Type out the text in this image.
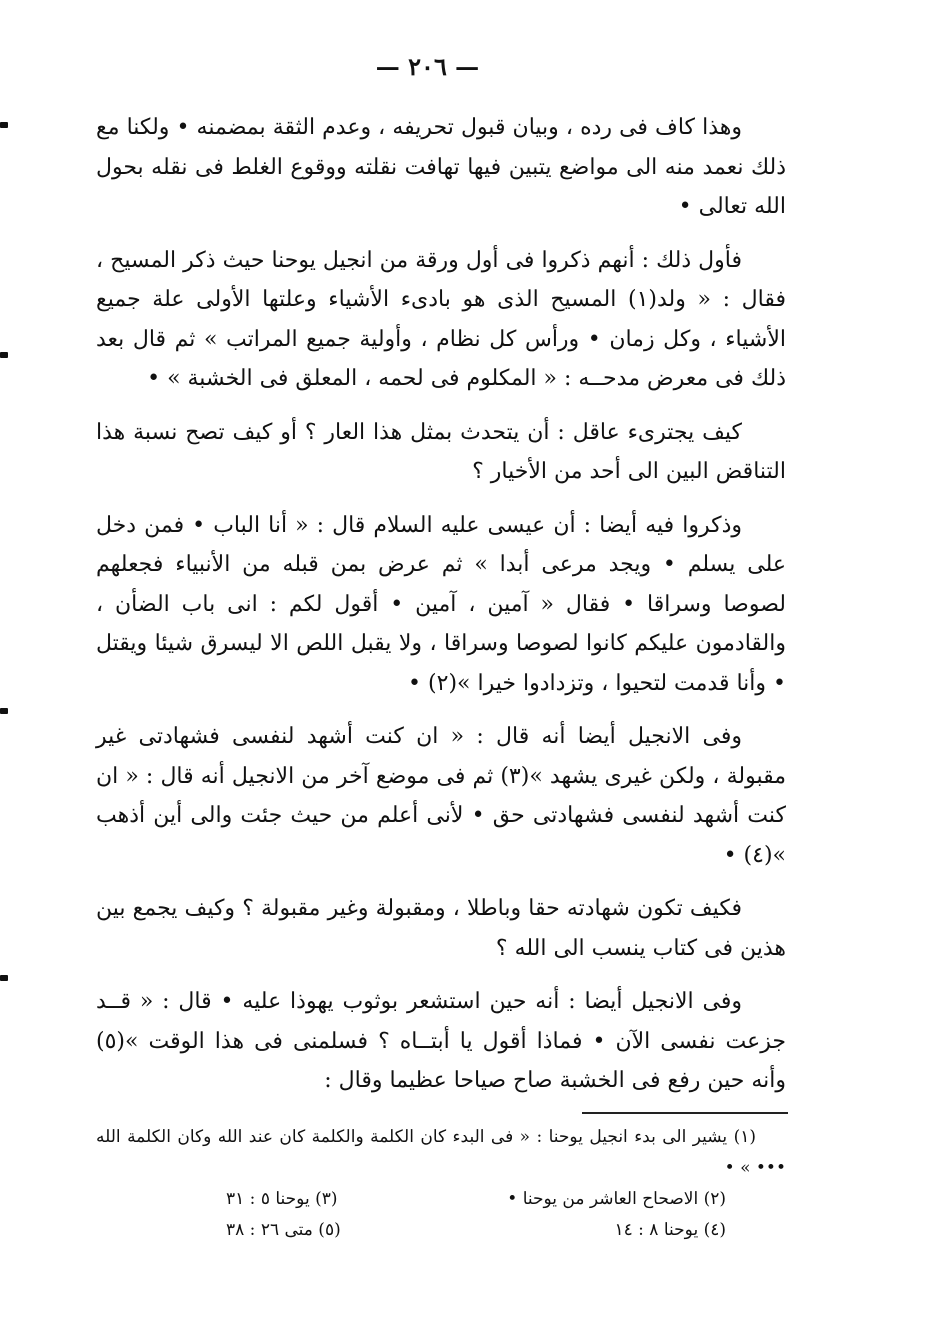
— ٢٠٦ —

وهذا كاف فى رده ، وبيان قبول تحريفه ، وعدم الثقة بمضمنه • ولكنا مع ذلك نعمد منه الى مواضع يتبين فيها تهافت نقلته ووقوع الغلط فى نقله بحول الله تعالى •

فأول ذلك : أنهم ذكروا فى أول ورقة من انجيل يوحنا حيث ذكر المسيح ، فقال : « ولد(١) المسيح الذى هو بادىء الأشياء وعلتها الأولى علة جميع الأشياء ، وكل زمان • ورأس كل نظام ، وأولية جميع المراتب » ثم قال بعد ذلك فى معرض مدحــه : « المكلوم فى لحمه ، المعلق فى الخشبة » •

كيف يجترىء عاقل : أن يتحدث بمثل هذا العار ؟ أو كيف تصح نسبة هذا التناقض البين الى أحد من الأخيار ؟

وذكروا فيه أيضا : أن عيسى عليه السلام قال : « أنا الباب • فمن دخل على يسلم • ويجد مرعى أبدا » ثم عرض بمن قبله من الأنبياء فجعلهم لصوصا وسراقا • فقال « آمين ، آمين • أقول لكم : انى باب الضأن ، والقادمون عليكم كانوا لصوصا وسراقا ، ولا يقبل اللص الا ليسرق شيئا ويقتل • وأنا قدمت لتحيوا ، وتزدادوا خيرا »(٢) •

وفى الانجيل أيضا أنه قال : « ان كنت أشهد لنفسى فشهادتى غير مقبولة ، ولكن غيرى يشهد »(٣) ثم فى موضع آخر من الانجيل أنه قال : « ان كنت أشهد لنفسى فشهادتى حق • لأنى أعلم من حيث جئت والى أين أذهب »(٤) •

فكيف تكون شهادته حقا وباطلا ، ومقبولة وغير مقبولة ؟ وكيف يجمع بين هذين فى كتاب ينسب الى الله ؟

وفى الانجيل أيضا : أنه حين استشعر بوثوب يهوذا عليه • قال : « قــد جزعت نفسى الآن • فماذا أقول يا أبتــاه ؟ فسلمنى فى هذا الوقت »(٥) وأنه حين رفع فى الخشبة صاح صياحا عظيما وقال :

(١) يشير الى بدء انجيل يوحنا : « فى البدء كان الكلمة والكلمة كان عند الله وكان الكلمة الله ••• » •

(٢) الاصحاح العاشر من يوحنا •
(٣) يوحنا ٥ : ٣١
(٤) يوحنا ٨ : ١٤
(٥) متى ٢٦ : ٣٨
